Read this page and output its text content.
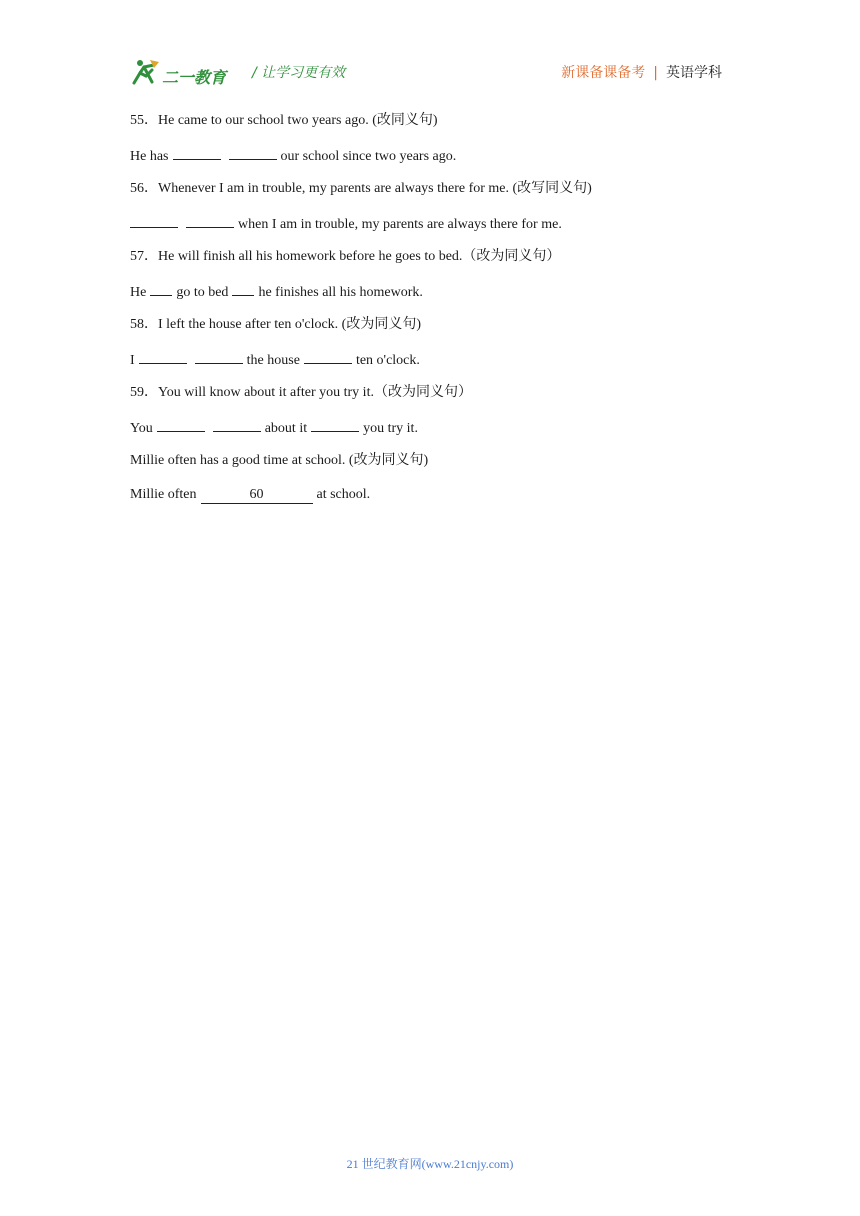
二一教育 / 让学习更有效	新课备课备考 | 英语学科
55．He came to our school two years ago. (改同义句)
He has	our school since two years ago.
56．Whenever I am in trouble, my parents are always there for me. (改写同义句)
when I am in trouble, my parents are always there for me.
57．He will finish all his homework before he goes to bed.（改为同义句）
He go to bed he finishes all his homework.
58．I left the house after ten o'clock. (改为同义句)
I	the house	ten o'clock.
59．You will know about it after you try it.（改为同义句）
You	about it	you try it.
Millie often has a good time at school. (改为同义句)
Millie often	60	at school.
21 世纪教育网(www.21cnjy.com)
